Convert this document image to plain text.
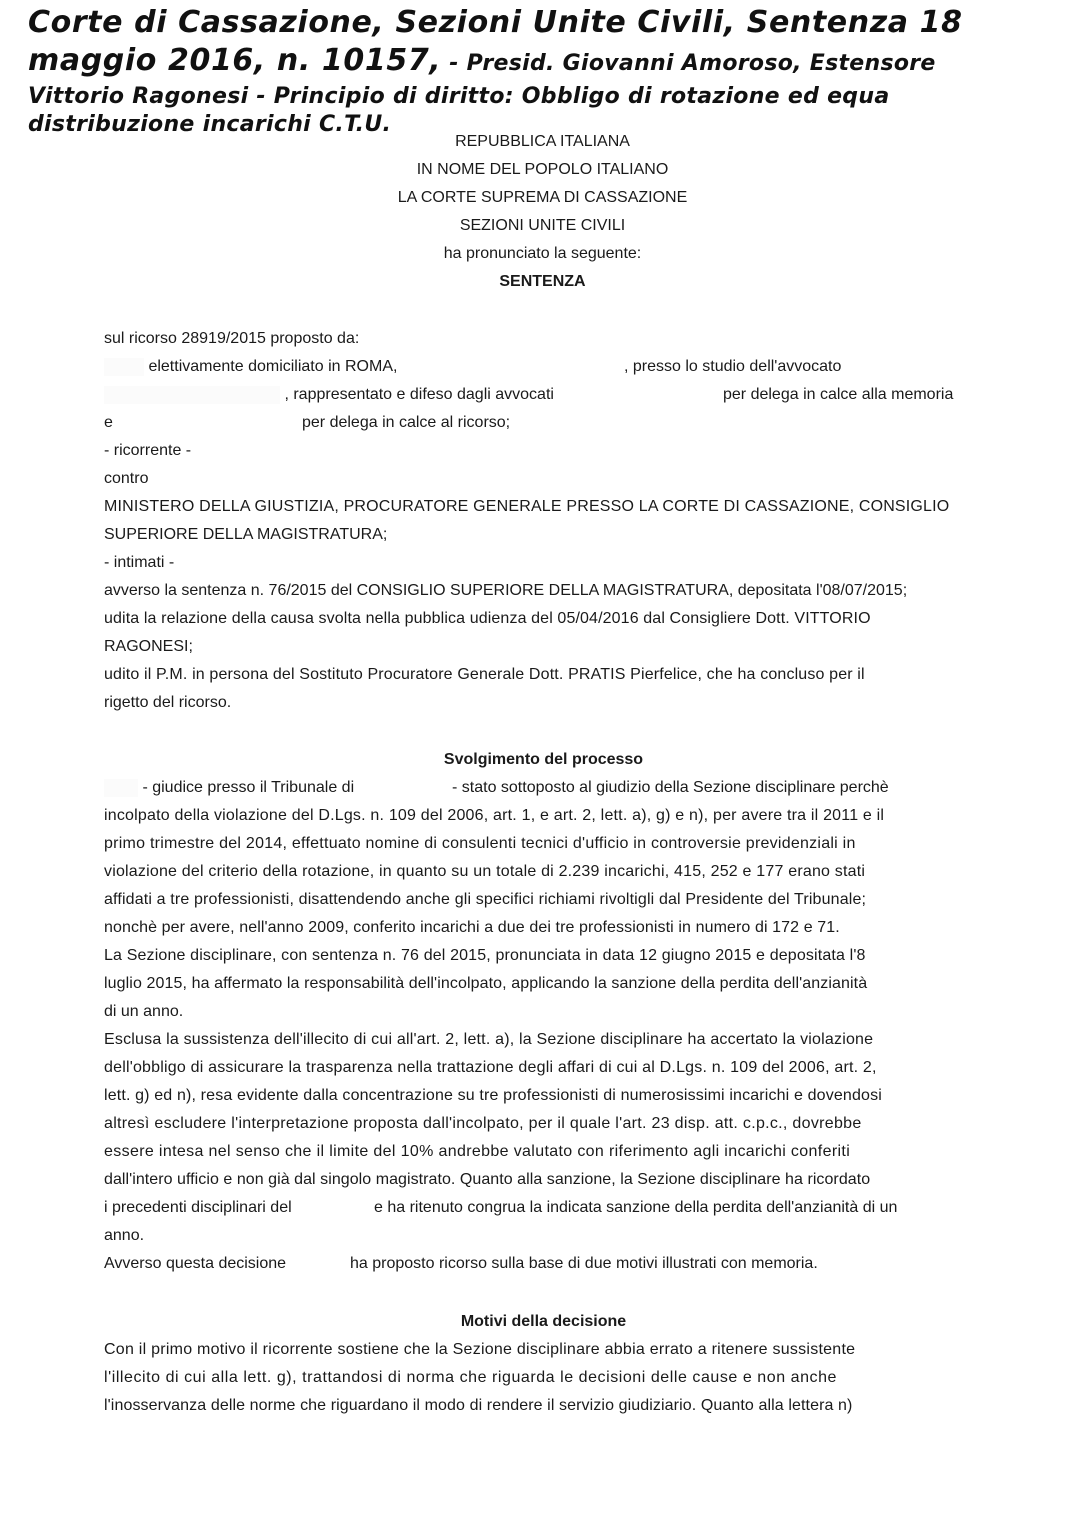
Corte di Cassazione, Sezioni Unite Civili, Sentenza 18
maggio 2016, n. 10157, - Presid. Giovanni Amoroso, Estensore
Vittorio Ragonesi - Principio di diritto: Obbligo di rotazione ed equa
distribuzione incarichi C.T.U.
REPUBBLICA ITALIANA
IN NOME DEL POPOLO ITALIANO
LA CORTE SUPREMA DI CASSAZIONE
SEZIONI UNITE CIVILI
ha pronunciato la seguente:
SENTENZA
sul ricorso 28919/2015 proposto da:
elettivamente domiciliato in ROMA,	, presso lo studio dell'avvocato
, rappresentato e difeso dagli avvocati	per delega in calce alla memoria
e	per delega in calce al ricorso;
- ricorrente -
contro
MINISTERO DELLA GIUSTIZIA, PROCURATORE GENERALE PRESSO LA CORTE DI CASSAZIONE, CONSIGLIO
SUPERIORE DELLA MAGISTRATURA;
- intimati -
avverso la sentenza n. 76/2015 del CONSIGLIO SUPERIORE DELLA MAGISTRATURA, depositata l'08/07/2015;
udita la relazione della causa svolta nella pubblica udienza del 05/04/2016 dal Consigliere Dott. VITTORIO
RAGONESI;
udito il P.M. in persona del Sostituto Procuratore Generale Dott. PRATIS Pierfelice, che ha concluso per il
rigetto del ricorso.
Svolgimento del processo
- giudice presso il Tribunale di	- stato sottoposto al giudizio della Sezione disciplinare perchè
incolpato della violazione del D.Lgs. n. 109 del 2006, art. 1, e art. 2, lett. a), g) e n), per avere tra il 2011 e il
primo trimestre del 2014, effettuato nomine di consulenti tecnici d'ufficio in controversie previdenziali in
violazione del criterio della rotazione, in quanto su un totale di 2.239 incarichi, 415, 252 e 177 erano stati
affidati a tre professionisti, disattendendo anche gli specifici richiami rivoltigli dal Presidente del Tribunale;
nonchè per avere, nell'anno 2009, conferito incarichi a due dei tre professionisti in numero di 172 e 71.
La Sezione disciplinare, con sentenza n. 76 del 2015, pronunciata in data 12 giugno 2015 e depositata l'8
luglio 2015, ha affermato la responsabilità dell'incolpato, applicando la sanzione della perdita dell'anzianità
di un anno.
Esclusa la sussistenza dell'illecito di cui all'art. 2, lett. a), la Sezione disciplinare ha accertato la violazione
dell'obbligo di assicurare la trasparenza nella trattazione degli affari di cui al D.Lgs. n. 109 del 2006, art. 2,
lett. g) ed n), resa evidente dalla concentrazione su tre professionisti di numerosissimi incarichi e dovendosi
altresì escludere l'interpretazione proposta dall'incolpato, per il quale l'art. 23 disp. att. c.p.c., dovrebbe
essere intesa nel senso che il limite del 10% andrebbe valutato con riferimento agli incarichi conferiti
dall'intero ufficio e non già dal singolo magistrato. Quanto alla sanzione, la Sezione disciplinare ha ricordato
i precedenti disciplinari del	e ha ritenuto congrua la indicata sanzione della perdita dell'anzianità di un
anno.
Avverso questa decisione	ha proposto ricorso sulla base di due motivi illustrati con memoria.
Motivi della decisione
Con il primo motivo il ricorrente sostiene che la Sezione disciplinare abbia errato a ritenere sussistente
l'illecito di cui alla lett. g), trattandosi di norma che riguarda le decisioni delle cause e non anche
l'inosservanza delle norme che riguardano il modo di rendere il servizio giudiziario. Quanto alla lettera n)
